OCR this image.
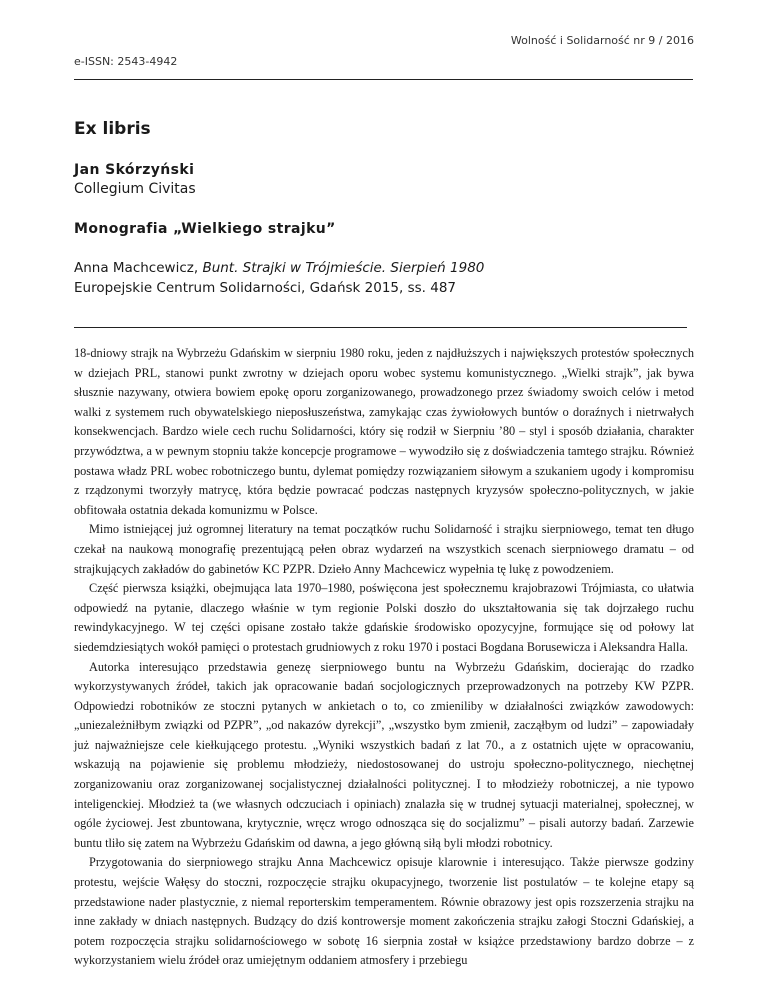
Wolność i Solidarność nr 9 / 2016
e-ISSN: 2543-4942
Ex libris
Jan Skórzyński
Collegium Civitas
Monografia „Wielkiego strajku”
Anna Machcewicz, Bunt. Strajki w Trójmieście. Sierpień 1980
Europejskie Centrum Solidarności, Gdańsk 2015, ss. 487

18-dniowy strajk na Wybrzeżu Gdańskim w sierpniu 1980 roku, jeden z najdłuższych i największych protestów społecznych w dziejach PRL, stanowi punkt zwrotny w dziejach oporu wobec systemu komunistycznego. „Wielki strajk”, jak bywa słusznie nazywany, otwiera bowiem epokę oporu zorganizowanego, prowadzonego przez świadomy swoich celów i metod walki z systemem ruch obywatelskiego nieposłuszeństwa, zamykając czas żywiołowych buntów o doraźnych i nietrwałych konsekwencjach. Bardzo wiele cech ruchu Solidarności, który się rodził w Sierpniu ’80 – styl i sposób działania, charakter przywództwa, a w pewnym stopniu także koncepcje programowe – wywodziło się z doświadczenia tamtego strajku. Również postawa władz PRL wobec robotniczego buntu, dylemat pomiędzy rozwiązaniem siłowym a szukaniem ugody i kompromisu z rządzonymi tworzyły matrycę, która będzie powracać podczas następnych kryzysów społeczno-politycznych, w jakie obfitowała ostatnia dekada komunizmu w Polsce.

Mimo istniejącej już ogromnej literatury na temat początków ruchu Solidarność i strajku sierpniowego, temat ten długo czekał na naukową monografię prezentującą pełen obraz wydarzeń na wszystkich scenach sierpniowego dramatu – od strajkujących zakładów do gabinetów KC PZPR. Dzieło Anny Machcewicz wypełnia tę lukę z powodzeniem.

Część pierwsza książki, obejmująca lata 1970–1980, poświęcona jest społecznemu krajobrazowi Trójmiasta, co ułatwia odpowiedź na pytanie, dlaczego właśnie w tym regionie Polski doszło do ukształtowania się tak dojrzałego ruchu rewindykacyjnego. W tej części opisane zostało także gdańskie środowisko opozycyjne, formujące się od połowy lat siedemdziesiątych wokół pamięci o protestach grudniowych z roku 1970 i postaci Bogdana Borusewicza i Aleksandra Halla.

Autorka interesująco przedstawia genezę sierpniowego buntu na Wybrzeżu Gdańskim, docierając do rzadko wykorzystywanych źródeł, takich jak opracowanie badań socjologicznych przeprowadzonych na potrzeby KW PZPR. Odpowiedzi robotników ze stoczni pytanych w ankietach o to, co zmieniliby w działalności związków zawodowych: „uniezależniłbym związki od PZPR”, „od nakazów dyrekcji”, „wszystko bym zmienił, zacząłbym od ludzi” – zapowiadały już najważniejsze cele kiełkującego protestu. „Wyniki wszystkich badań z lat 70., a z ostatnich ujęte w opracowaniu, wskazują na pojawienie się problemu młodzieży, niedostosowanej do ustroju społeczno-politycznego, niechętnej zorganizowaniu oraz zorganizowanej socjalistycznej działalności politycznej. I to młodzieży robotniczej, a nie typowo inteligenckiej. Młodzież ta (we własnych odczuciach i opiniach) znalazła się w trudnej sytuacji materialnej, społecznej, w ogóle życiowej. Jest zbuntowana, krytycznie, wręcz wrogo odnosząca się do socjalizmu” – pisali autorzy badań. Zarzewie buntu tliło się zatem na Wybrzeżu Gdańskim od dawna, a jego główną siłą byli młodzi robotnicy.

Przygotowania do sierpniowego strajku Anna Machcewicz opisuje klarownie i interesująco. Także pierwsze godziny protestu, wejście Wałęsy do stoczni, rozpoczęcie strajku okupacyjnego, tworzenie list postulatów – te kolejne etapy są przedstawione nader plastycznie, z niemal reporterskim temperamentem. Równie obrazowy jest opis rozszerzenia strajku na inne zakłady w dniach następnych. Budzący do dziś kontrowersje moment zakończenia strajku załogi Stoczni Gdańskiej, a potem rozpoczęcia strajku solidarnościowego w sobotę 16 sierpnia został w książce przedstawiony bardzo dobrze – z wykorzystaniem wielu źródeł oraz umiejętnym oddaniem atmosfery i przebiegu
